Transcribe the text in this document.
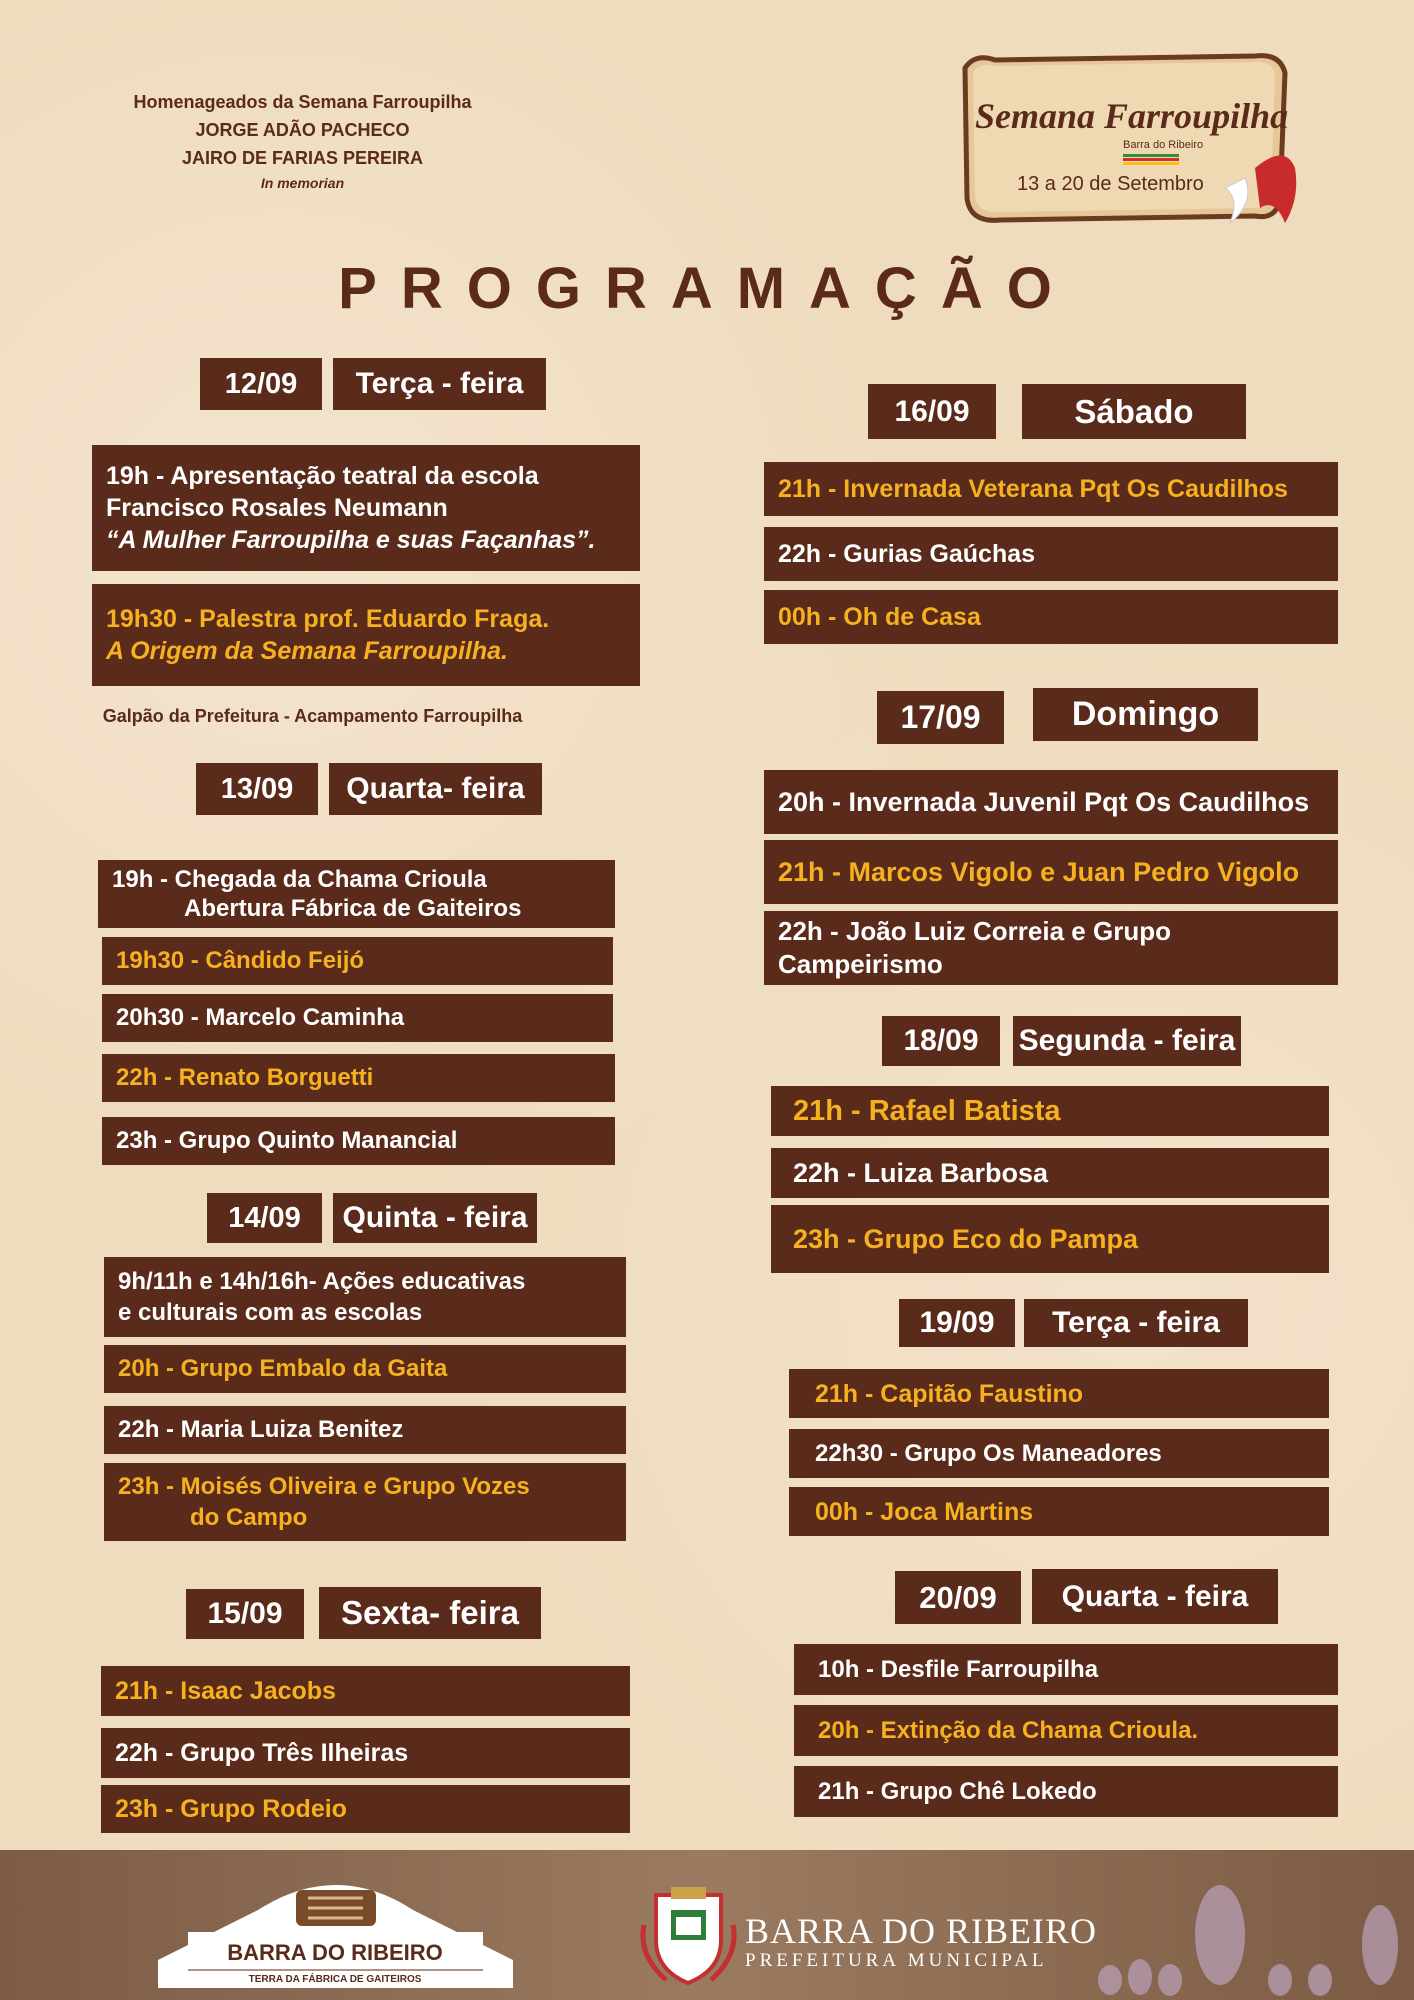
Homenageados da Semana Farroupilha
JORGE ADÃO PACHECO
JAIRO DE FARIAS PEREIRA
In memorian
Semana Farroupilha
Barra do Ribeiro
13 a 20 de Setembro
PROGRAMAÇÃO
12/09	Terça - feira
19h - Apresentação teatral da escola
Francisco Rosales Neumann
“A Mulher Farroupilha e suas Façanhas”.
19h30 - Palestra prof. Eduardo Fraga.
A Origem da Semana Farroupilha.
Galpão da Prefeitura - Acampamento Farroupilha
13/09	Quarta- feira
19h - Chegada da Chama Crioula
Abertura Fábrica de Gaiteiros
19h30 - Cândido Feijó
20h30 - Marcelo Caminha
22h - Renato Borguetti
23h - Grupo Quinto Manancial
14/09	Quinta - feira
9h/11h e 14h/16h- Ações educativas
e culturais com as escolas
20h - Grupo Embalo da Gaita
22h - Maria Luiza Benitez
23h - Moisés Oliveira e Grupo Vozes
do Campo
15/09	Sexta- feira
21h - Isaac Jacobs
22h - Grupo Três Ilheiras
23h - Grupo Rodeio
16/09	Sábado
21h - Invernada Veterana Pqt Os Caudilhos
22h - Gurias Gaúchas
00h - Oh de Casa
17/09	Domingo
20h - Invernada Juvenil Pqt Os Caudilhos
21h - Marcos Vigolo e Juan Pedro Vigolo
22h - João Luiz Correia e Grupo
Campeirismo
18/09	Segunda - feira
21h - Rafael Batista
22h - Luiza Barbosa
23h - Grupo Eco do Pampa
19/09	Terça - feira
21h - Capitão Faustino
22h30 - Grupo Os Maneadores
00h - Joca Martins
20/09	Quarta - feira
10h - Desfile Farroupilha
20h - Extinção da Chama Crioula.
21h - Grupo Chê Lokedo
BARRA DO RIBEIRO
TERRA DA FÁBRICA DE GAITEIROS
BARRA DO RIBEIRO
PREFEITURA MUNICIPAL
